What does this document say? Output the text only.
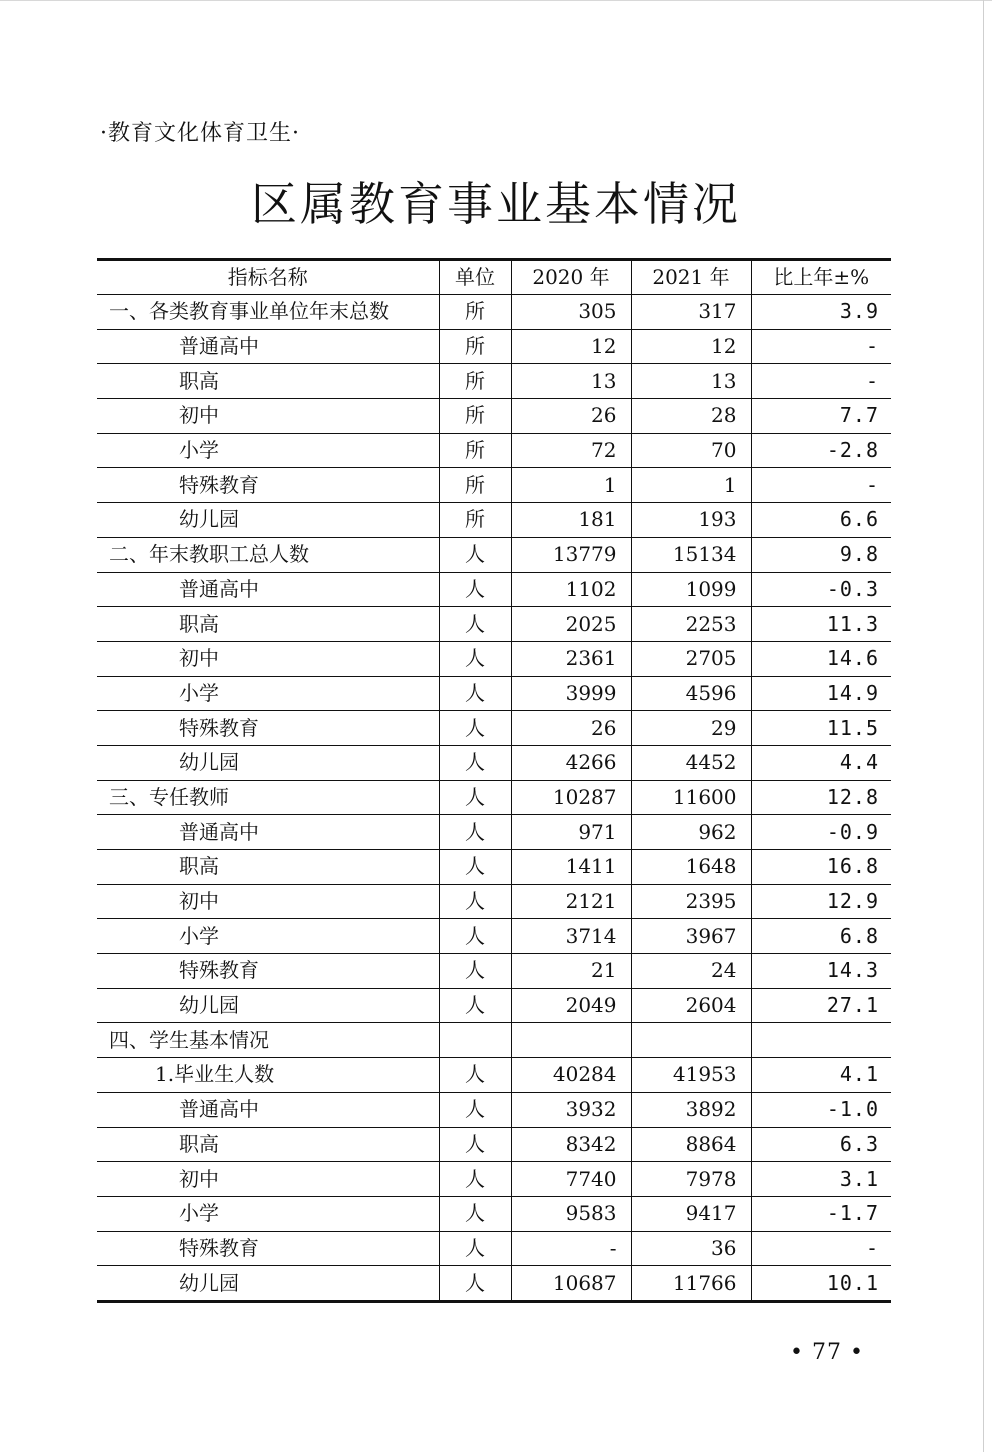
·教育文化体育卫生·
区属教育事业基本情况
指标名称	单位	2020 年	2021 年	比上年±%
一、各类教育事业单位年末总数	所	305	317	3.9
普通高中	所	12	12	-
职高	所	13	13	-
初中	所	26	28	7.7
小学	所	72	70	-2.8
特殊教育	所	1	1	-
幼儿园	所	181	193	6.6
二、年末教职工总人数	人	13779	15134	9.8
普通高中	人	1102	1099	-0.3
职高	人	2025	2253	11.3
初中	人	2361	2705	14.6
小学	人	3999	4596	14.9
特殊教育	人	26	29	11.5
幼儿园	人	4266	4452	4.4
三、专任教师	人	10287	11600	12.8
普通高中	人	971	962	-0.9
职高	人	1411	1648	16.8
初中	人	2121	2395	12.9
小学	人	3714	3967	6.8
特殊教育	人	21	24	14.3
幼儿园	人	2049	2604	27.1
四、学生基本情况				
1.毕业生人数	人	40284	41953	4.1
普通高中	人	3932	3892	-1.0
职高	人	8342	8864	6.3
初中	人	7740	7978	3.1
小学	人	9583	9417	-1.7
特殊教育	人	-	36	-
幼儿园	人	10687	11766	10.1
• 77 •
